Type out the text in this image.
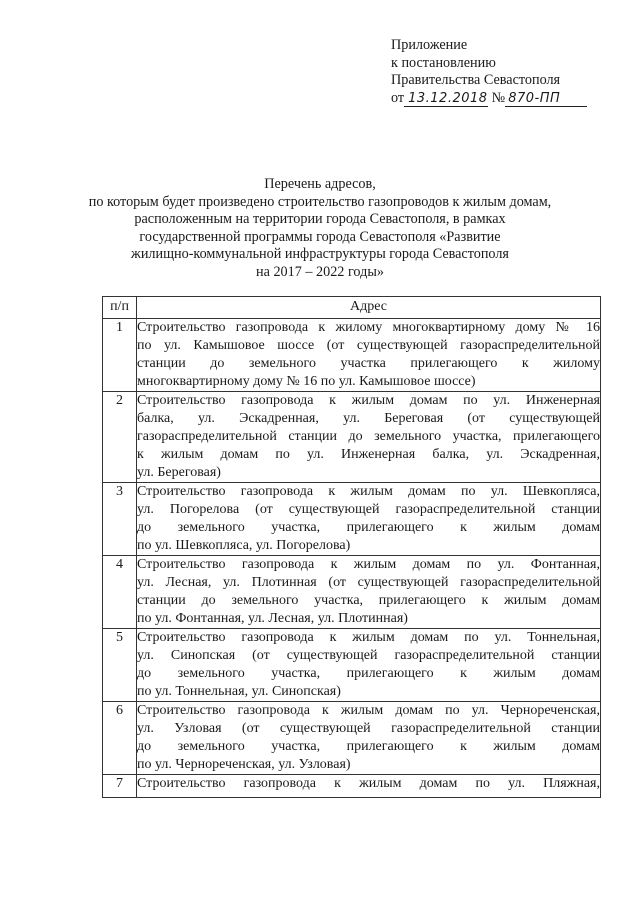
Приложение
к постановлению
Правительства Севастополя
от 13.12.2018 № 870-ПП
Перечень адресов,
по которым будет произведено строительство газопроводов к жилым домам,
расположенным на территории города Севастополя, в рамках
государственной программы города Севастополя «Развитие
жилищно-коммунальной инфраструктуры города Севастополя
на 2017 – 2022 годы»
п/п	Адрес
1	Строительство газопровода к жилому многоквартирному дому № 16
по ул. Камышовое шоссе (от существующей газораспределительной
станции до земельного участка прилегающего к жилому
многоквартирному дому № 16 по ул. Камышовое шоссе)

2	Строительство газопровода к жилым домам по ул. Инженерная
балка, ул. Эскадренная, ул. Береговая (от существующей
газораспределительной станции до земельного участка, прилегающего
к жилым домам по ул. Инженерная балка, ул. Эскадренная,
ул. Береговая)

3	Строительство газопровода к жилым домам по ул. Шевкопляса,
ул. Погорелова (от существующей газораспределительной станции
до земельного участка, прилегающего к жилым домам
по ул. Шевкопляса, ул. Погорелова)

4	Строительство газопровода к жилым домам по ул. Фонтанная,
ул. Лесная, ул. Плотинная (от существующей газораспределительной
станции до земельного участка, прилегающего к жилым домам
по ул. Фонтанная, ул. Лесная, ул. Плотинная)

5	Строительство газопровода к жилым домам по ул. Тоннельная,
ул. Синопская (от существующей газораспределительной станции
до земельного участка, прилегающего к жилым домам
по ул. Тоннельная, ул. Синопская)

6	Строительство газопровода к жилым домам по ул. Чернореченская,
ул. Узловая (от существующей газораспределительной станции
до земельного участка, прилегающего к жилым домам
по ул. Черноречeнская, ул. Узловая)

7	Строительство газопровода к жилым домам по ул. Пляжная,
